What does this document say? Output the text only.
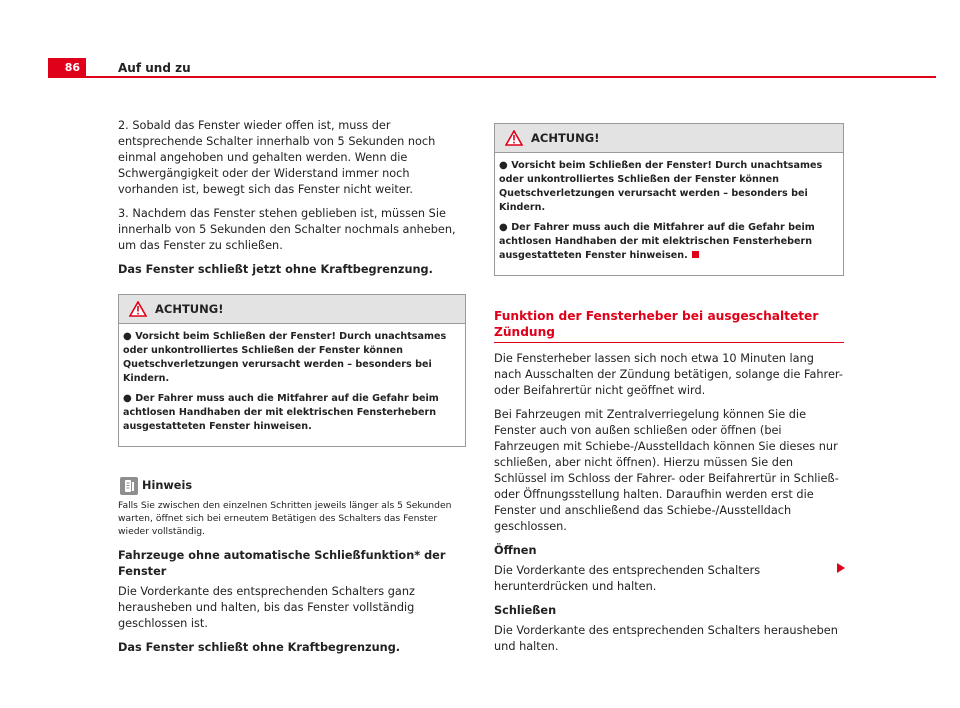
86	Auf und zu

2. Sobald das Fenster wieder offen ist, muss der entsprechende Schalter innerhalb von 5 Sekunden noch einmal angehoben und gehalten werden. Wenn die Schwergängigkeit oder der Widerstand immer noch vorhanden ist, bewegt sich das Fenster nicht weiter.

3. Nachdem das Fenster stehen geblieben ist, müssen Sie innerhalb von 5 Sekunden den Schalter nochmals anheben, um das Fenster zu schließen.

Das Fenster schließt jetzt ohne Kraftbegrenzung.
ACHTUNG!
● Vorsicht beim Schließen der Fenster! Durch unachtsames oder unkontrolliertes Schließen der Fenster können Quetschverletzungen verursacht werden – besonders bei Kindern.
● Der Fahrer muss auch die Mitfahrer auf die Gefahr beim achtlosen Handhaben der mit elektrischen Fensterhebern ausgestatteten Fenster hinweisen.
Hinweis

Falls Sie zwischen den einzelnen Schritten jeweils länger als 5 Sekunden warten, öffnet sich bei erneutem Betätigen des Schalters das Fenster wieder vollständig.

Fahrzeuge ohne automatische Schließfunktion* der Fenster

Die Vorderkante des entsprechenden Schalters ganz herausheben und halten, bis das Fenster vollständig geschlossen ist.

Das Fenster schließt ohne Kraftbegrenzung.
ACHTUNG!
● Vorsicht beim Schließen der Fenster! Durch unachtsames oder unkontrolliertes Schließen der Fenster können Quetschverletzungen verursacht werden – besonders bei Kindern.
● Der Fahrer muss auch die Mitfahrer auf die Gefahr beim achtlosen Handhaben der mit elektrischen Fensterhebern ausgestatteten Fenster hinweisen.
Funktion der Fensterheber bei ausgeschalteter Zündung

Die Fensterheber lassen sich noch etwa 10 Minuten lang nach Ausschalten der Zündung betätigen, solange die Fahrer- oder Beifahrertür nicht geöffnet wird.

Bei Fahrzeugen mit Zentralverriegelung können Sie die Fenster auch von außen schließen oder öffnen (bei Fahrzeugen mit Schiebe-/Ausstelldach können Sie dieses nur schließen, aber nicht öffnen). Hierzu müssen Sie den Schlüssel im Schloss der Fahrer- oder Beifahrertür in Schließ- oder Öffnungsstellung halten. Daraufhin werden erst die Fenster und anschließend das Schiebe-/Ausstelldach geschlossen.

Öffnen

Die Vorderkante des entsprechenden Schalters herunterdrücken und halten.

Schließen

Die Vorderkante des entsprechenden Schalters herausheben und halten.
